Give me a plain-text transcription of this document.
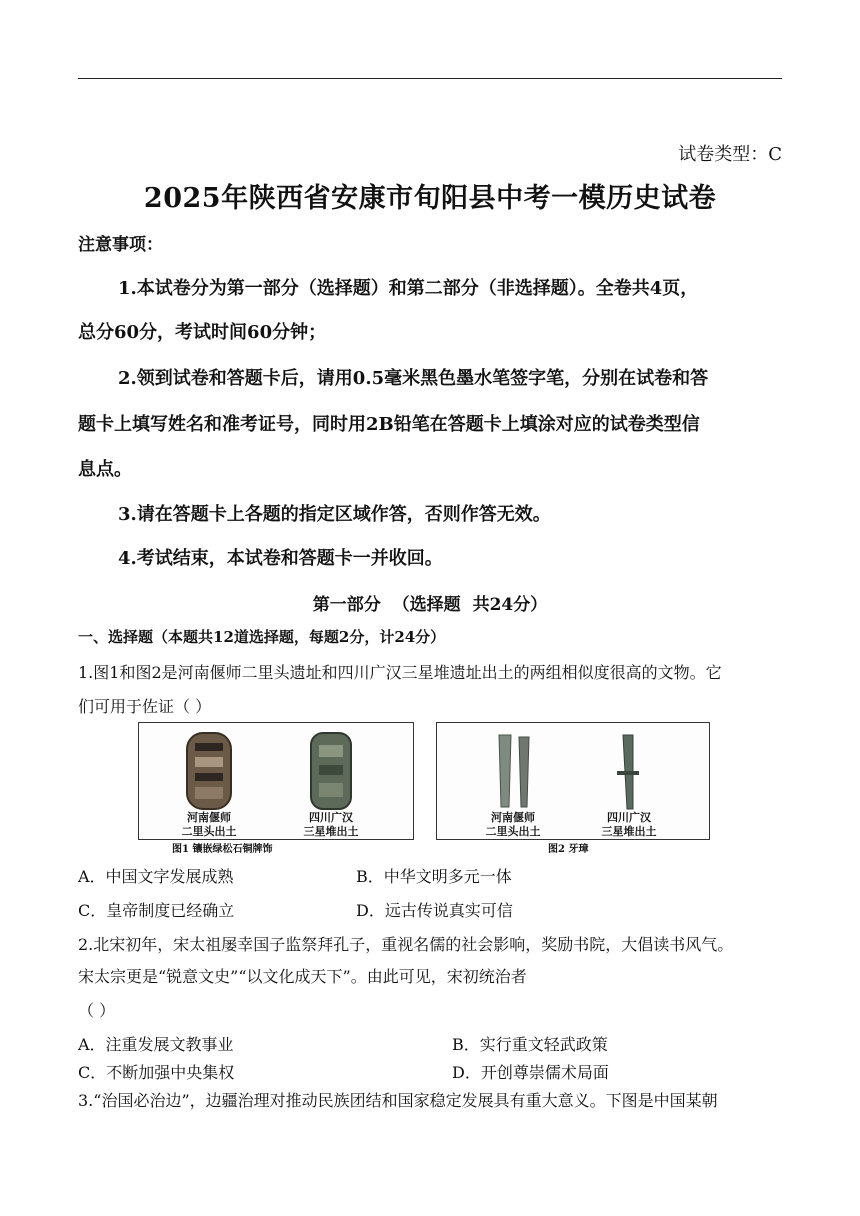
试卷类型：C
2025年陕西省安康市旬阳县中考一模历史试卷
注意事项：
1.本试卷分为第一部分（选择题）和第二部分（非选择题）。全卷共4页，
总分60分，考试时间60分钟；
2.领到试卷和答题卡后，请用0.5毫米黑色墨水笔签字笔，分别在试卷和答
题卡上填写姓名和准考证号，同时用2B铅笔在答题卡上填涂对应的试卷类型信
息点。
3.请在答题卡上各题的指定区域作答，否则作答无效。
4.考试结束，本试卷和答题卡一并收回。
第一部分 （选择题 共24分）
一、选择题（本题共12道选择题，每题2分，计24分）
1.图1和图2是河南偃师二里头遗址和四川广汉三星堆遗址出土的两组相似度很高的文物。它
们可用于佐证（ ）
河南偃师
二里头出土
四川广汉
三星堆出土
图1 镶嵌绿松石铜牌饰
河南偃师
二里头出土
四川广汉
三星堆出土
图2 牙璋
A．中国文字发展成熟	B．中华文明多元一体
C．皇帝制度已经确立	D．远古传说真实可信
2.北宋初年，宋太祖屡幸国子监祭拜孔子，重视名儒的社会影响，奖励书院，大倡读书风气。
宋太宗更是“锐意文史”“以文化成天下”。由此可见，宋初统治者
（ ）
A．注重发展文教事业	B．实行重文轻武政策
C．不断加强中央集权	D．开创尊崇儒术局面
3.“治国必治边”，边疆治理对推动民族团结和国家稳定发展具有重大意义。下图是中国某朝
